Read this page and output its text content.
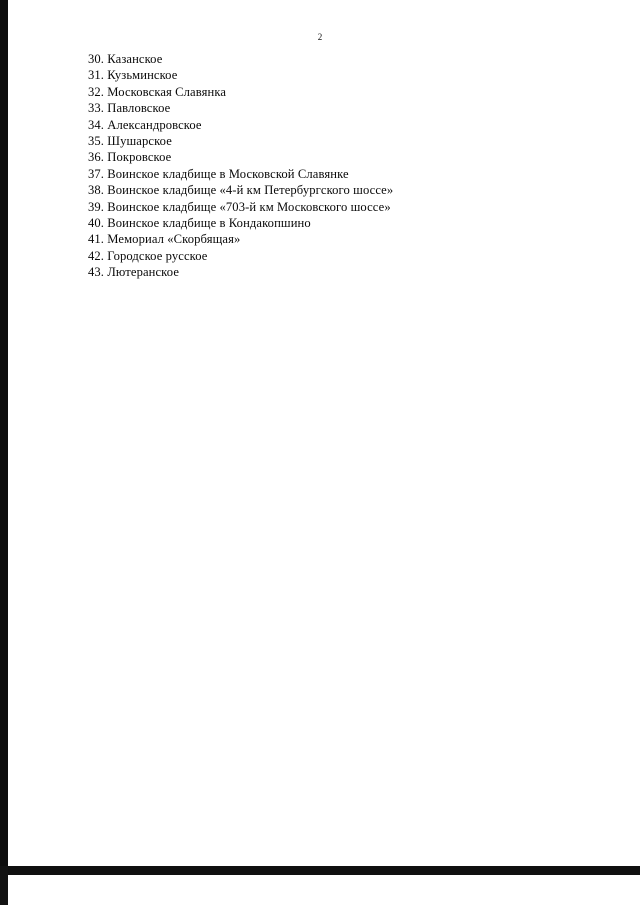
2
30. Казанское
31. Кузьминское
32. Московская Славянка
33. Павловское
34. Александровское
35. Шушарское
36. Покровское
37. Воинское кладбище в Московской Славянке
38. Воинское кладбище «4-й км Петербургского шоссе»
39. Воинское кладбище «703-й км Московского шоссе»
40. Воинское кладбище в Кондакопшино
41. Мемориал «Скорбящая»
42. Городское русское
43. Лютеранское
